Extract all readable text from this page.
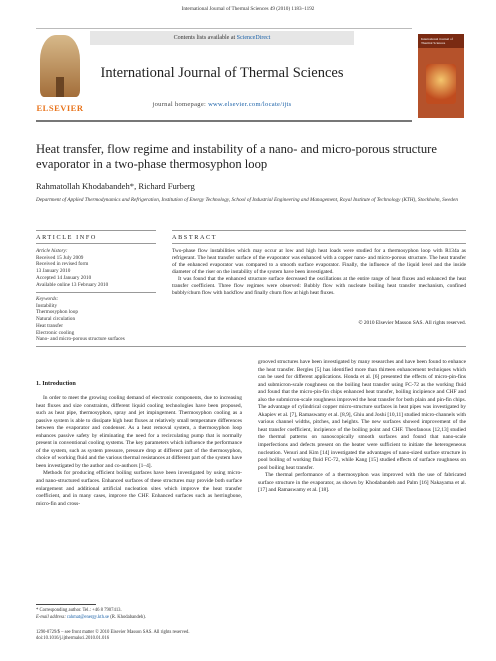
International Journal of Thermal Sciences 49 (2010) 1183–1192
ELSEVIER
Contents lists available at ScienceDirect
International Journal of Thermal Sciences
journal homepage: www.elsevier.com/locate/ijts
International Journal of Thermal Sciences
Heat transfer, flow regime and instability of a nano- and micro-porous structure evaporator in a two-phase thermosyphon loop
Rahmatollah Khodabandeh*, Richard Furberg
Department of Applied Thermodynamics and Refrigeration, Institution of Energy Technology, School of Industrial Engineering and Management, Royal Institute of Technology (KTH), Stockholm, Sweden
ARTICLE INFO	ABSTRACT
Article history:
Received 15 July 2009
Received in revised form
13 January 2010
Accepted 14 January 2010
Available online 13 February 2010
Keywords:
Instability
Thermosyphon loop
Natural circulation
Heat transfer
Electronic cooling
Nano- and micro-porous structure surfaces

Two-phase flow instabilities which may occur at low and high heat loads were studied for a thermosyphon loop with R134a as refrigerant. The heat transfer surface of the evaporator was enhanced with a copper nano- and micro-porous structure. The heat transfer of the enhanced evaporator was compared to a smooth surface evaporator. Finally, the influence of the liquid level and the inside diameter of the riser on the instability of the system have been investigated.

It was found that the enhanced structure surface decreased the oscillations at the entire range of heat fluxes and enhanced the heat transfer coefficient. Three flow regimes were observed: Bubbly flow with nucleate boiling heat transfer mechanism, confined bubbly/churn flow with backflow and finally churn flow at high heat fluxes.

© 2010 Elsevier Masson SAS. All rights reserved.
1. Introduction

In order to meet the growing cooling demand of electronic components, due to increasing heat fluxes and size constraints, different liquid cooling technologies have been proposed, such as heat pipe, thermosyphon, spray and jet impingement. Thermosyphon cooling as a passive system is able to dissipate high heat fluxes at relatively small temperature differences between the evaporator and condenser. As a heat removal system, a thermosyphon loop enhances passive safety by eliminating the need for a recirculating pump that is normally present in conventional cooling systems. The key parameters which influence the performance of the system, such as system pressure, pressure drop at different part of the thermosyphon, choice of working fluid and the various thermal resistances at different part of the system have been investigated by the author and co-authors [1–4].

Methods for producing efficient boiling surfaces have been investigated by using micro- and nano-structured surfaces. Enhanced surfaces of these structures may provide both surface enlargement and additional artificial nucleation sites which improve the heat transfer coefficient, and in many cases, improve the CHF. Enhanced surfaces such as herringbone, micro-fin and cross-

grooved structures have been investigated by many researches and have been found to enhance the heat transfer. Bergles [5] has identified more than thirteen enhancement techniques which can be used for different applications. Honda et al. [6] presented the effects of micro-pin-fins and submicron-scale roughness on the boiling heat transfer using FC-72 as the working fluid and found that the micro-pin-fin chips enhanced heat transfer, boiling incipience and CHF and also the submicron-scale roughness improved the heat transfer for both plain and pin-fin chips. The advantage of cylindrical copper micro-structure surfaces in heat pipes was investigated by Akapiev et al. [7], Ramaswamy et al. [8,9], Ghiu and Joshi [10,11] studied micro-channels with various channel widths, pitches, and heights. The new surfaces showed improvement of the heat transfer coefficient, incipience of the boiling point and CHF. Theofanous [12,13] studied the thermal patterns on nanoscopically smooth surfaces and found that nano-scale imperfections and defects present on the heater were sufficient to initiate the heterogeneous nucleation. Venuri and Kim [14] investigated the advantages of nano-sized surface structure in pool boiling of working fluid FC-72, while Kang [15] studied effects of surface roughness on pool boiling heat transfer.

The thermal performance of a thermosyphon was improved with the use of fabricated surface structure in the evaporator, as shown by Khodabandeh and Palm [16] Nakayama et al. [17] and Ramaswamy et al. [18].

* Corresponding author. Tel.: +46 8 7907413.
E-mail address: rahmat@energy.kth.se (R. Khodabandeh).
1290-0729/$ – see front matter © 2010 Elsevier Masson SAS. All rights reserved.
doi:10.1016/j.ijthermalsci.2010.01.016
